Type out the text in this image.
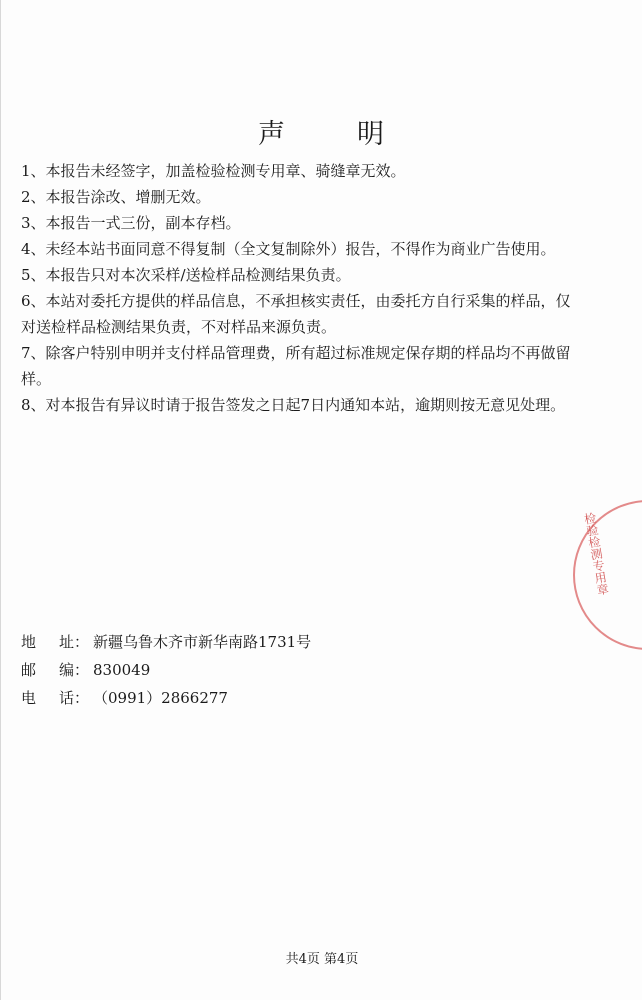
声	明

1、本报告未经签字，加盖检验检测专用章、骑缝章无效。

2、本报告涂改、增删无效。

3、本报告一式三份，副本存档。

4、未经本站书面同意不得复制（全文复制除外）报告，不得作为商业广告使用。

5、本报告只对本次采样/送检样品检测结果负责。

6、本站对委托方提供的样品信息，不承担核实责任，由委托方自行采集的样品，仅对送检样品检测结果负责，不对样品来源负责。

7、除客户特别申明并支付样品管理费，所有超过标准规定保存期的样品均不再做留样。

8、对本报告有异议时请于报告签发之日起7日内通知本站，逾期则按无意见处理。

地 址： 新疆乌鲁木齐市新华南路1731号
邮 编： 830049
电 话： （0991）2866277
检验检测专用章
共4页 第4页
